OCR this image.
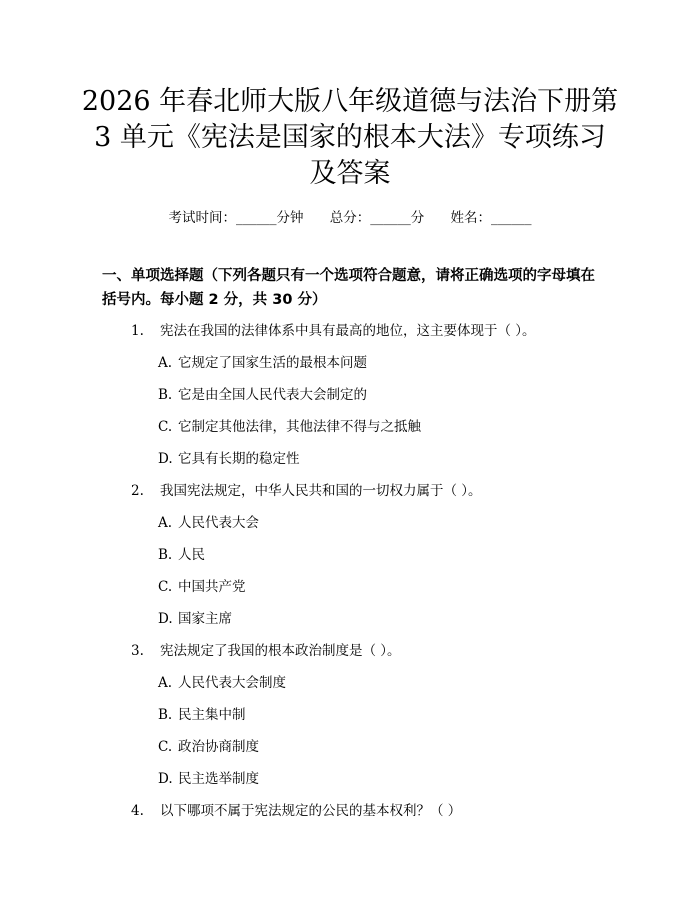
2026 年春北师大版八年级道德与法治下册第
3 单元《宪法是国家的根本大法》专项练习
及答案
考试时间：______分钟 总分：______分 姓名：______
一、单项选择题（下列各题只有一个选项符合题意，请将正确选项的字母填在括号内。每小题 2 分，共 30 分）
1. 宪法在我国的法律体系中具有最高的地位，这主要体现于（ ）。
A. 它规定了国家生活的最根本问题
B. 它是由全国人民代表大会制定的
C. 它制定其他法律，其他法律不得与之抵触
D. 它具有长期的稳定性
2. 我国宪法规定，中华人民共和国的一切权力属于（ ）。
A. 人民代表大会
B. 人民
C. 中国共产党
D. 国家主席
3. 宪法规定了我国的根本政治制度是（ ）。
A. 人民代表大会制度
B. 民主集中制
C. 政治协商制度
D. 民主选举制度
4. 以下哪项不属于宪法规定的公民的基本权利？（ ）
